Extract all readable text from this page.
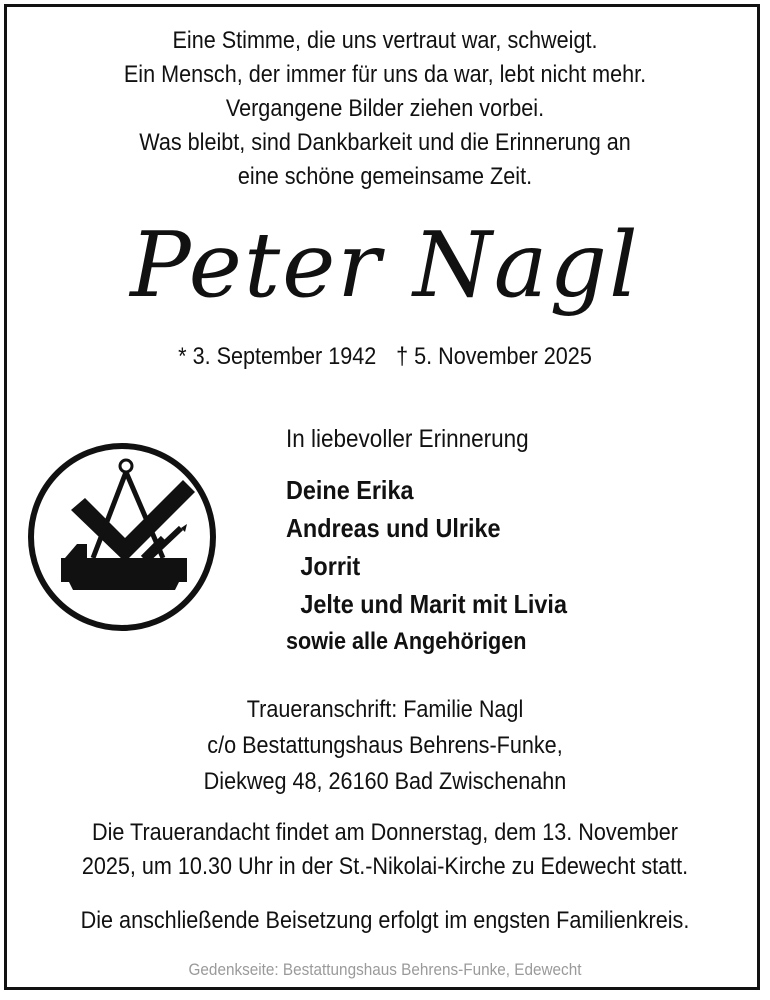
Eine Stimme, die uns vertraut war, schweigt.
Ein Mensch, der immer für uns da war, lebt nicht mehr.
Vergangene Bilder ziehen vorbei.
Was bleibt, sind Dankbarkeit und die Erinnerung an
eine schöne gemeinsame Zeit.
Peter Nagl
* 3. September 1942 † 5. November 2025
In liebevoller Erinnerung
Deine Erika
Andreas und Ulrike
Jorrit
Jelte und Marit mit Livia
sowie alle Angehörigen
Traueranschrift: Familie Nagl
c/o Bestattungshaus Behrens-Funke,
Diekweg 48, 26160 Bad Zwischenahn
Die Trauerandacht findet am Donnerstag, dem 13. November
2025, um 10.30 Uhr in der St.-Nikolai-Kirche zu Edewecht statt.
Die anschließende Beisetzung erfolgt im engsten Familienkreis.
Gedenkseite: Bestattungshaus Behrens-Funke, Edewecht
